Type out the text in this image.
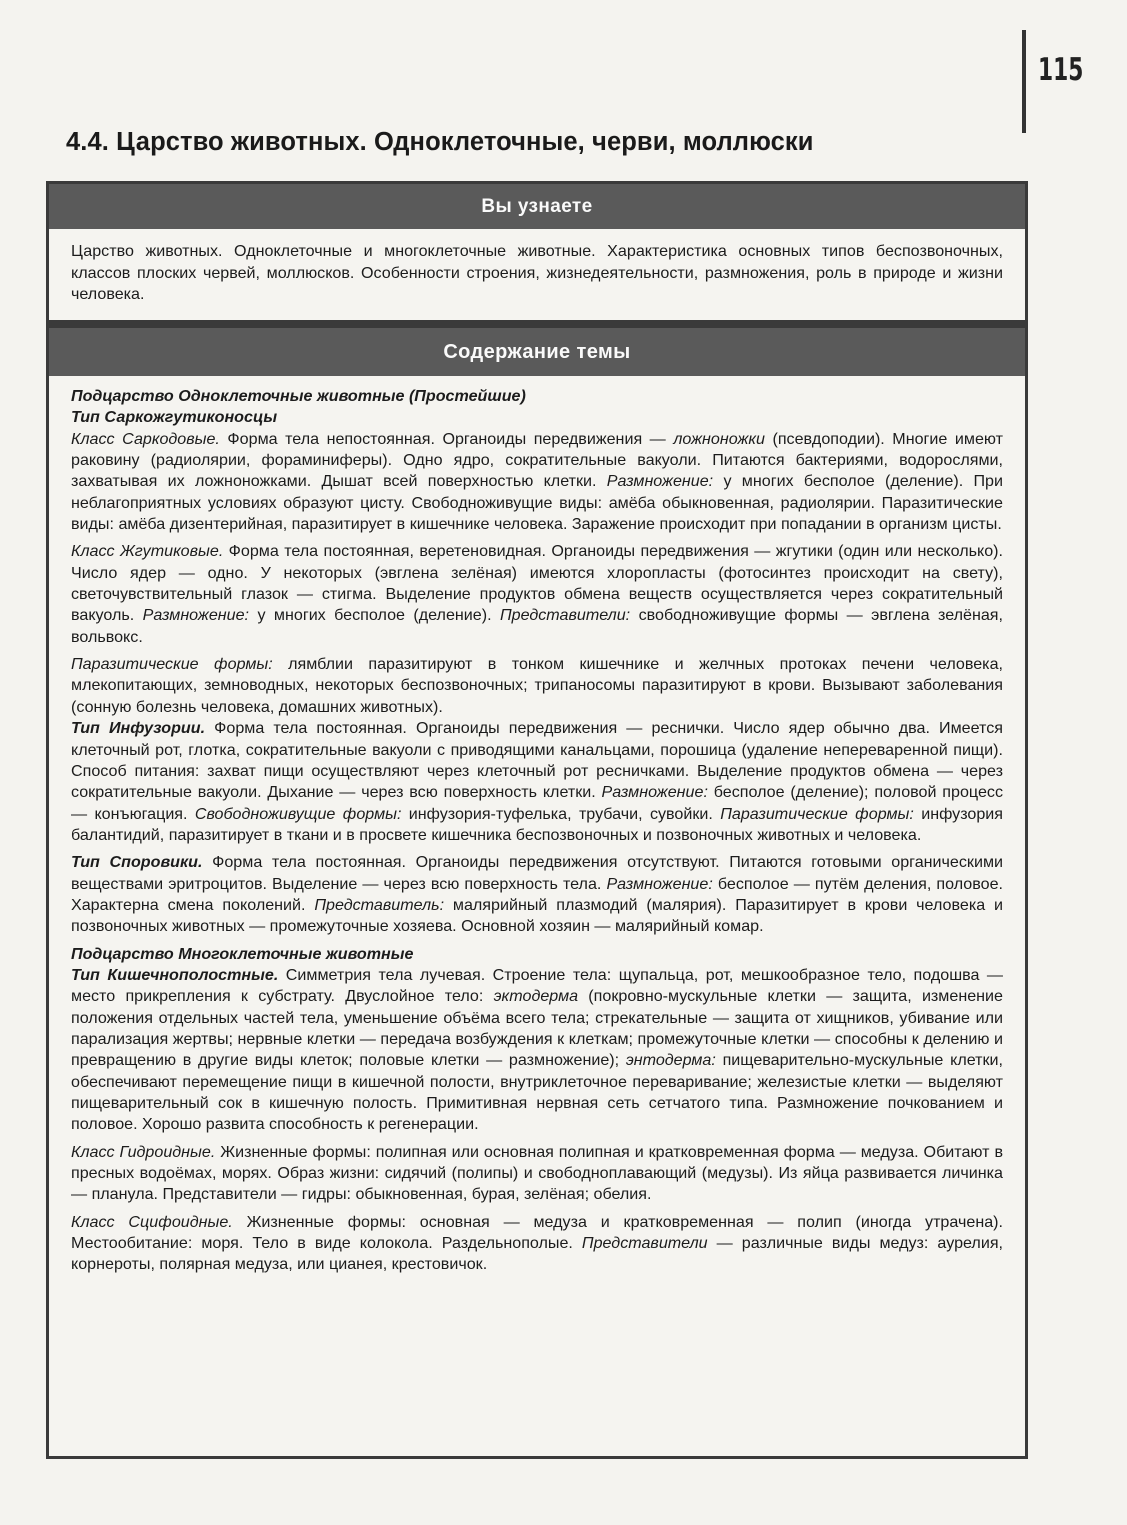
115
4.4. Царство животных. Одноклеточные, черви, моллюски
Вы узнаете
Царство животных. Одноклеточные и многоклеточные животные. Характеристика основных типов беспозвоночных, классов плоских червей, моллюсков. Особенности строения, жизнедеятельности, размножения, роль в природе и жизни человека.
Содержание темы

Подцарство Одноклеточные животные (Простейшие)

Тип Саркожгутиконосцы

Класс Саркодовые. Форма тела непостоянная. Органоиды передвижения — ложноножки (псевдоподии). Многие имеют раковину (радиолярии, фораминиферы). Одно ядро, сократительные вакуоли. Питаются бактериями, водорослями, захватывая их ложноножками. Дышат всей поверхностью клетки. Размножение: у многих бесполое (деление). При неблагоприятных условиях образуют цисту. Свободноживущие виды: амёба обыкновенная, радиолярии. Паразитические виды: амёба дизентерийная, паразитирует в кишечнике человека. Заражение происходит при попадании в организм цисты.

Класс Жгутиковые. Форма тела постоянная, веретеновидная. Органоиды передвижения — жгутики (один или несколько). Число ядер — одно. У некоторых (эвглена зелёная) имеются хлоропласты (фотосинтез происходит на свету), светочувствительный глазок — стигма. Выделение продуктов обмена веществ осуществляется через сократительный вакуоль. Размножение: у многих бесполое (деление). Представители: свободноживущие формы — эвглена зелёная, вольвокс.

Паразитические формы: лямблии паразитируют в тонком кишечнике и желчных протоках печени человека, млекопитающих, земноводных, некоторых беспозвоночных; трипаносомы паразитируют в крови. Вызывают заболевания (сонную болезнь человека, домашних животных).

Тип Инфузории. Форма тела постоянная. Органоиды передвижения — реснички. Число ядер обычно два. Имеется клеточный рот, глотка, сократительные вакуоли с приводящими канальцами, порошица (удаление непереваренной пищи). Способ питания: захват пищи осуществляют через клеточный рот ресничками. Выделение продуктов обмена — через сократительные вакуоли. Дыхание — через всю поверхность клетки. Размножение: бесполое (деление); половой процесс — конъюгация. Свободноживущие формы: инфузория-туфелька, трубачи, сувойки. Паразитические формы: инфузория балантидий, паразитирует в ткани и в просвете кишечника беспозвоночных и позвоночных животных и человека.

Тип Споровики. Форма тела постоянная. Органоиды передвижения отсутствуют. Питаются готовыми органическими веществами эритроцитов. Выделение — через всю поверхность тела. Размножение: бесполое — путём деления, половое. Характерна смена поколений. Представитель: малярийный плазмодий (малярия). Паразитирует в крови человека и позвоночных животных — промежуточные хозяева. Основной хозяин — малярийный комар.

Подцарство Многоклеточные животные

Тип Кишечнополостные. Симметрия тела лучевая. Строение тела: щупальца, рот, мешкообразное тело, подошва — место прикрепления к субстрату. Двуслойное тело: эктодерма (покровно-мускульные клетки — защита, изменение положения отдельных частей тела, уменьшение объёма всего тела; стрекательные — защита от хищников, убивание или парализация жертвы; нервные клетки — передача возбуждения к клеткам; промежуточные клетки — способны к делению и превращению в другие виды клеток; половые клетки — размножение); энтодерма: пищеварительно-мускульные клетки, обеспечивают перемещение пищи в кишечной полости, внутриклеточное переваривание; железистые клетки — выделяют пищеварительный сок в кишечную полость. Примитивная нервная сеть сетчатого типа. Размножение почкованием и половое. Хорошо развита способность к регенерации.

Класс Гидроидные. Жизненные формы: полипная или основная полипная и кратковременная форма — медуза. Обитают в пресных водоёмах, морях. Образ жизни: сидячий (полипы) и свободноплавающий (медузы). Из яйца развивается личинка — планула. Представители — гидры: обыкновенная, бурая, зелёная; обелия.

Класс Сцифоидные. Жизненные формы: основная — медуза и кратковременная — полип (иногда утрачена). Местообитание: моря. Тело в виде колокола. Раздельнополые. Представители — различные виды медуз: аурелия, корнероты, полярная медуза, или цианея, крестовичок.
